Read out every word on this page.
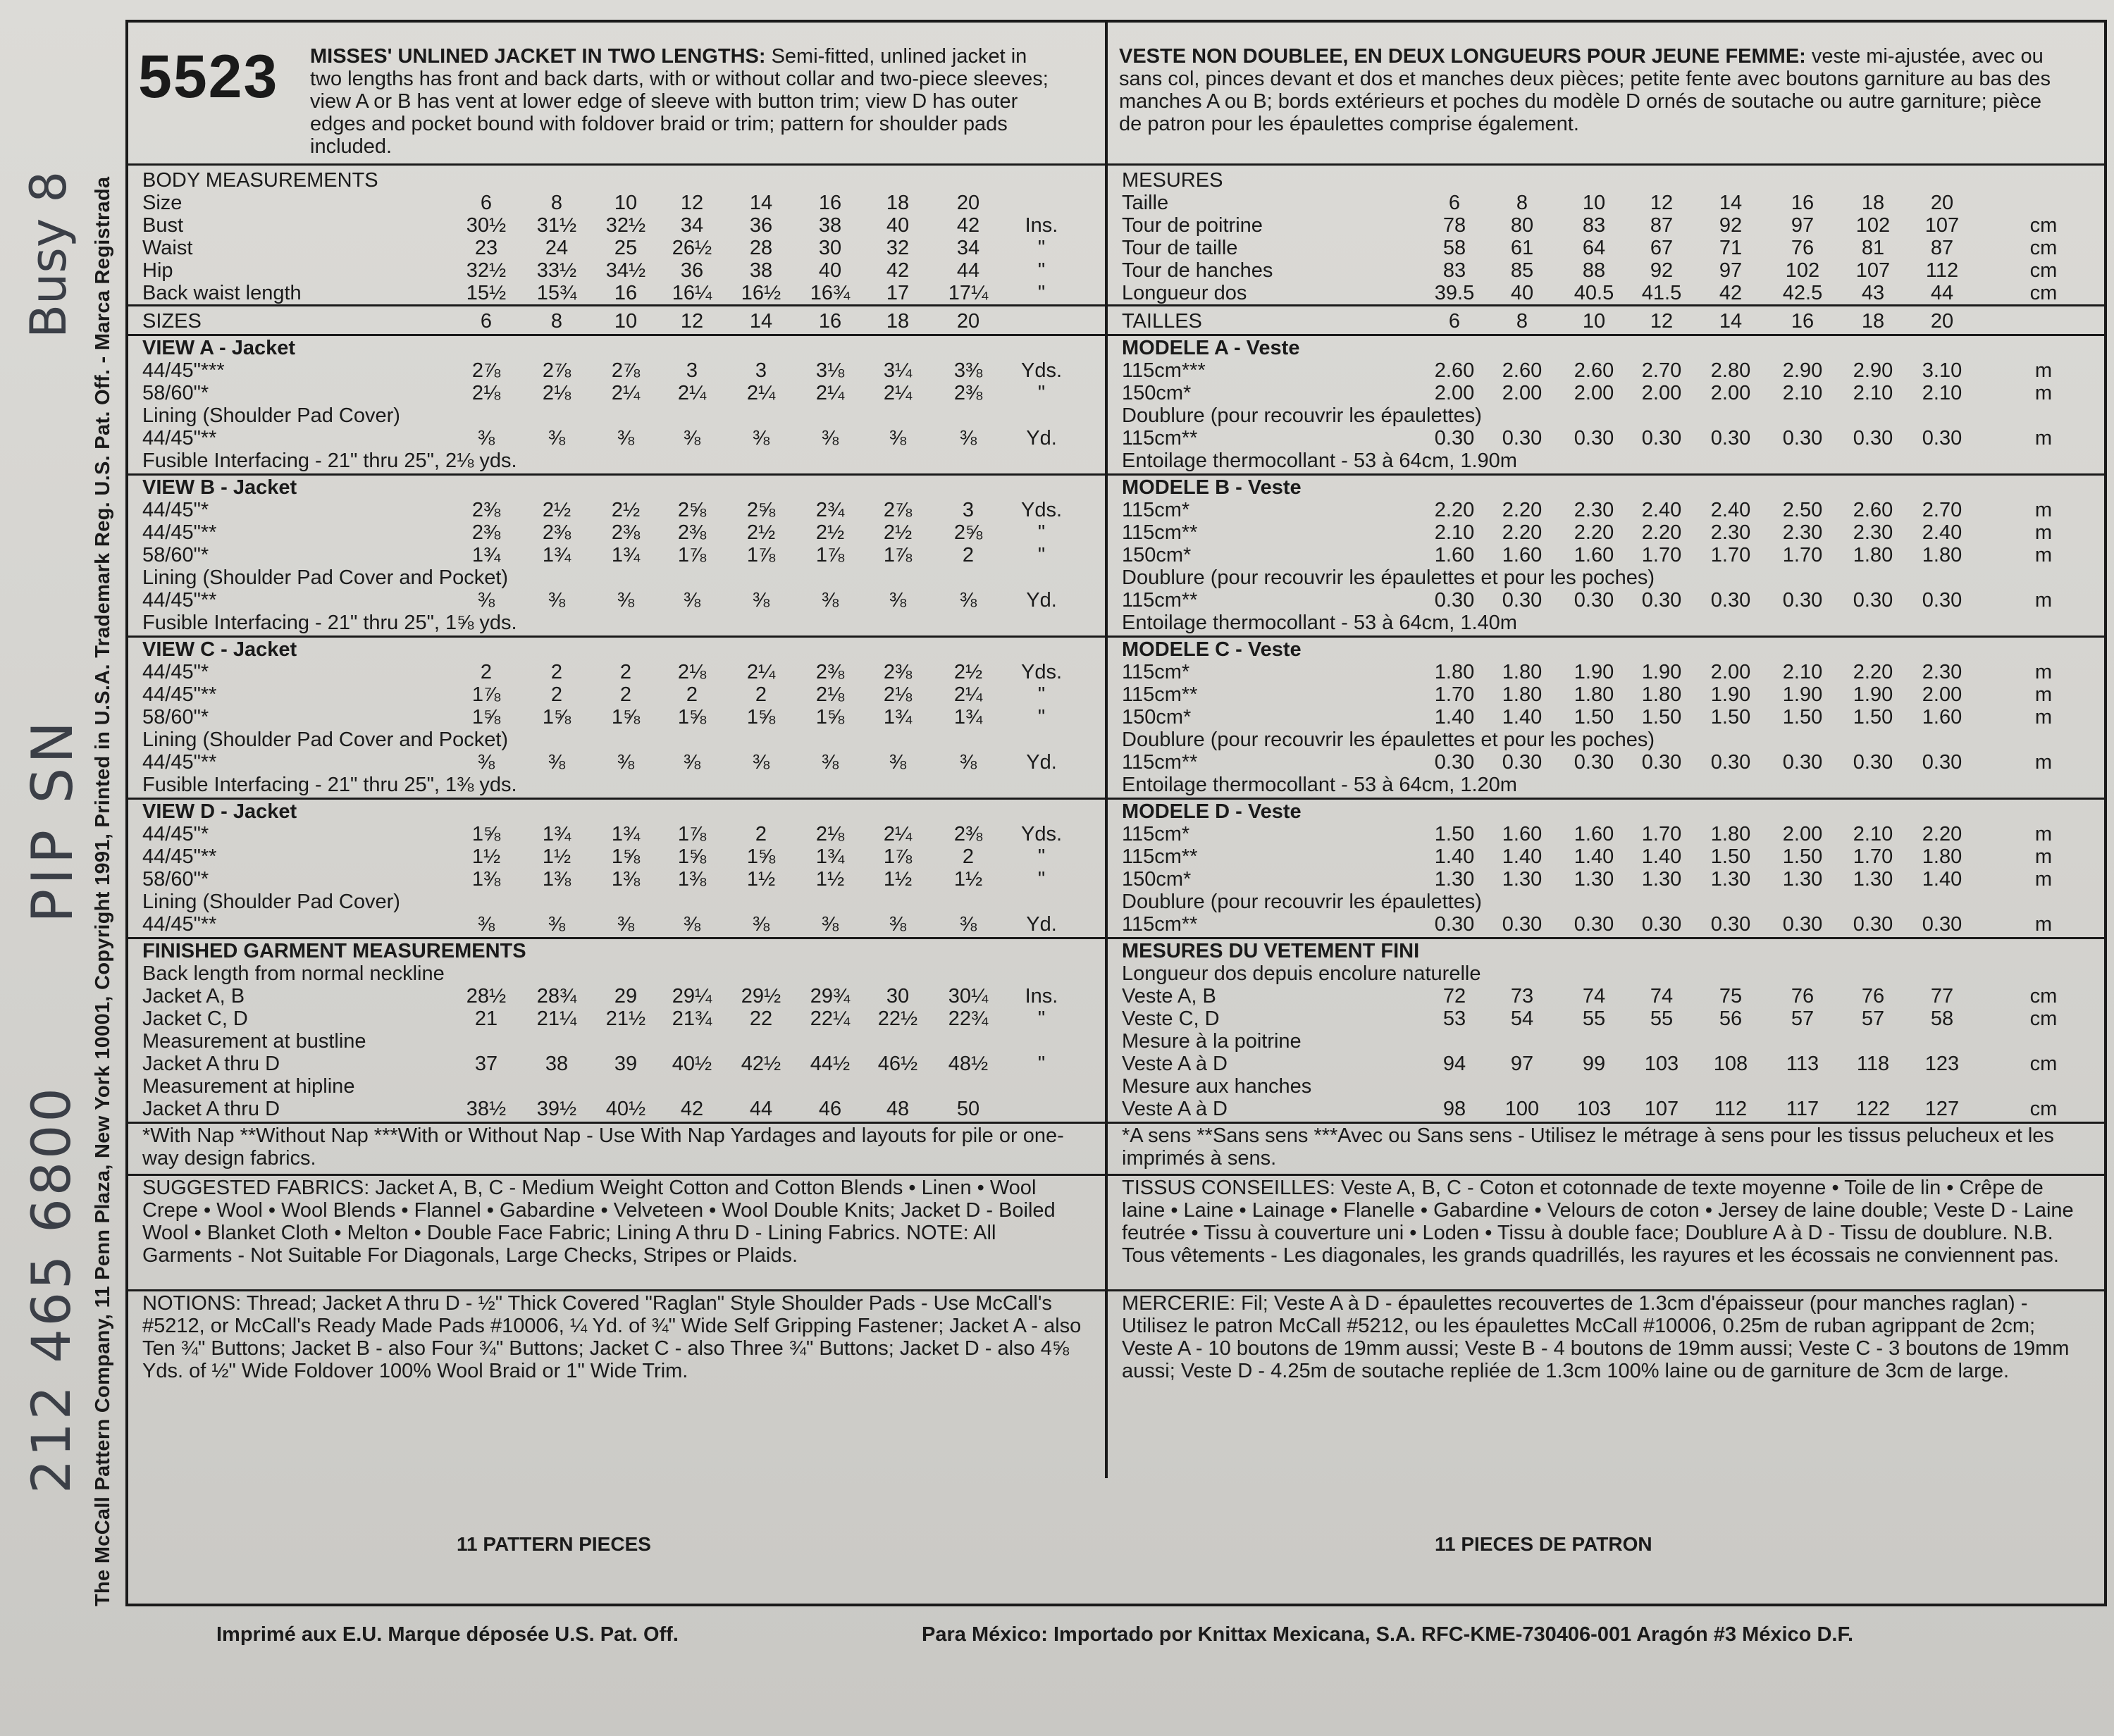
Busy 8
PIP SN
212 465 6800 The McCall Pattern Company, 11 Penn Plaza, New York 10001, Copyright 1991, Printed in U.S.A. Trademark Reg. U.S. Pat. Off. - Marca Registrada
5523 MISSES' UNLINED JACKET IN TWO LENGTHS: Semi-fitted, unlined jacket in two lengths has front and back darts, with or without collar and two-piece sleeves; view A or B has vent at lower edge of sleeve with button trim; view D has outer edges and pocket bound with foldover braid or trim; pattern for shoulder pads included.
VESTE NON DOUBLEE, EN DEUX LONGUEURS POUR JEUNE FEMME: veste mi-ajustée, avec ou sans col, pinces devant et dos et manches deux pièces; petite fente avec boutons garniture au bas des manches A ou B; bords extérieurs et poches du modèle D ornés de soutache ou autre garniture; pièce de patron pour les épaulettes comprise également.
Imprimé aux E.U. Marque déposée U.S. Pat. Off.	Para México: Importado por Knittax Mexicana, S.A. RFC-KME-730406-001 Aragón #3 México D.F.
BODY MEASUREMENTS
Size	6	8	10	12	14	16	18	20
Bust	30½	31½	32½	34	36	38	40	42	Ins.
Waist	23	24	25	26½	28	30	32	34	"
Hip	32½	33½	34½	36	38	40	42	44	"
Back waist length	15½	15¾	16	16¼	16½	16¾	17	17¼	"
SIZES	6	8	10	12	14	16	18	20
VIEW A - Jacket
44/45"***	2⅞	2⅞	2⅞	3	3	3⅛	3¼	3⅜	Yds.
58/60"*	2⅛	2⅛	2¼	2¼	2¼	2¼	2¼	2⅜	"
Lining (Shoulder Pad Cover)
44/45"**	⅜	⅜	⅜	⅜	⅜	⅜	⅜	⅜	Yd.
Fusible Interfacing - 21" thru 25", 2⅛ yds.
VIEW B - Jacket
44/45"*	2⅜	2½	2½	2⅝	2⅝	2¾	2⅞	3	Yds.
44/45"**	2⅜	2⅜	2⅜	2⅜	2½	2½	2½	2⅝	"
58/60"*	1¾	1¾	1¾	1⅞	1⅞	1⅞	1⅞	2	"
Lining (Shoulder Pad Cover and Pocket)
44/45"**	⅜	⅜	⅜	⅜	⅜	⅜	⅜	⅜	Yd.
Fusible Interfacing - 21" thru 25", 1⅝ yds.
VIEW C - Jacket
44/45"*	2	2	2	2⅛	2¼	2⅜	2⅜	2½	Yds.
44/45"**	1⅞	2	2	2	2	2⅛	2⅛	2¼	"
58/60"*	1⅝	1⅝	1⅝	1⅝	1⅝	1⅝	1¾	1¾	"
Lining (Shoulder Pad Cover and Pocket)
44/45"**	⅜	⅜	⅜	⅜	⅜	⅜	⅜	⅜	Yd.
Fusible Interfacing - 21" thru 25", 1⅜ yds.
VIEW D - Jacket
44/45"*	1⅝	1¾	1¾	1⅞	2	2⅛	2¼	2⅜	Yds.
44/45"**	1½	1½	1⅝	1⅝	1⅝	1¾	1⅞	2	"
58/60"*	1⅜	1⅜	1⅜	1⅜	1½	1½	1½	1½	"
Lining (Shoulder Pad Cover)
44/45"**	⅜	⅜	⅜	⅜	⅜	⅜	⅜	⅜	Yd.
FINISHED GARMENT MEASUREMENTS
Back length from normal neckline
Jacket A, B	28½	28¾	29	29¼	29½	29¾	30	30¼	Ins.
Jacket C, D	21	21¼	21½	21¾	22	22¼	22½	22¾	"
Measurement at bustline
Jacket A thru D	37	38	39	40½	42½	44½	46½	48½	"
Measurement at hipline
Jacket A thru D	38½	39½	40½	42	44	46	48	50
*With Nap **Without Nap ***With or Without Nap - Use With Nap Yardages and layouts for pile or one-way design fabrics.
SUGGESTED FABRICS: Jacket A, B, C - Medium Weight Cotton and Cotton Blends • Linen • Wool Crepe • Wool • Wool Blends • Flannel • Gabardine • Velveteen • Wool Double Knits; Jacket D - Boiled Wool • Blanket Cloth • Melton • Double Face Fabric; Lining A thru D - Lining Fabrics. NOTE: All Garments - Not Suitable For Diagonals, Large Checks, Stripes or Plaids.
NOTIONS: Thread; Jacket A thru D - ½" Thick Covered "Raglan" Style Shoulder Pads - Use McCall's #5212, or McCall's Ready Made Pads #10006, ¼ Yd. of ¾" Wide Self Gripping Fastener; Jacket A - also Ten ¾" Buttons; Jacket B - also Four ¾" Buttons; Jacket C - also Three ¾" Buttons; Jacket D - also 4⅝ Yds. of ½" Wide Foldover 100% Wool Braid or 1" Wide Trim.
11 PATTERN PIECES
MESURES
Taille	6	8	10	12	14	16	18	20
Tour de poitrine	78	80	83	87	92	97	102	107	cm
Tour de taille	58	61	64	67	71	76	81	87	cm
Tour de hanches	83	85	88	92	97	102	107	112	cm
Longueur dos	39.5	40	40.5	41.5	42	42.5	43	44	cm
TAILLES	6	8	10	12	14	16	18	20
MODELE A - Veste
115cm***	2.60	2.60	2.60	2.70	2.80	2.90	2.90	3.10	m
150cm*	2.00	2.00	2.00	2.00	2.00	2.10	2.10	2.10	m
Doublure (pour recouvrir les épaulettes)
115cm**	0.30	0.30	0.30	0.30	0.30	0.30	0.30	0.30	m
Entoilage thermocollant - 53 à 64cm, 1.90m
MODELE B - Veste
115cm*	2.20	2.20	2.30	2.40	2.40	2.50	2.60	2.70	m
115cm**	2.10	2.20	2.20	2.20	2.30	2.30	2.30	2.40	m
150cm*	1.60	1.60	1.60	1.70	1.70	1.70	1.80	1.80	m
Doublure (pour recouvrir les épaulettes et pour les poches)
115cm**	0.30	0.30	0.30	0.30	0.30	0.30	0.30	0.30	m
Entoilage thermocollant - 53 à 64cm, 1.40m
MODELE C - Veste
115cm*	1.80	1.80	1.90	1.90	2.00	2.10	2.20	2.30	m
115cm**	1.70	1.80	1.80	1.80	1.90	1.90	1.90	2.00	m
150cm*	1.40	1.40	1.50	1.50	1.50	1.50	1.50	1.60	m
Doublure (pour recouvrir les épaulettes et pour les poches)
115cm**	0.30	0.30	0.30	0.30	0.30	0.30	0.30	0.30	m
Entoilage thermocollant - 53 à 64cm, 1.20m
MODELE D - Veste
115cm*	1.50	1.60	1.60	1.70	1.80	2.00	2.10	2.20	m
115cm**	1.40	1.40	1.40	1.40	1.50	1.50	1.70	1.80	m
150cm*	1.30	1.30	1.30	1.30	1.30	1.30	1.30	1.40	m
Doublure (pour recouvrir les épaulettes)
115cm**	0.30	0.30	0.30	0.30	0.30	0.30	0.30	0.30	m
MESURES DU VETEMENT FINI
Longueur dos depuis encolure naturelle
Veste A, B	72	73	74	74	75	76	76	77	cm
Veste C, D	53	54	55	55	56	57	57	58	cm
Mesure à la poitrine
Veste A à D	94	97	99	103	108	113	118	123	cm
Mesure aux hanches
Veste A à D	98	100	103	107	112	117	122	127	cm
*A sens **Sans sens ***Avec ou Sans sens - Utilisez le métrage à sens pour les tissus pelucheux et les imprimés à sens.
TISSUS CONSEILLES: Veste A, B, C - Coton et cotonnade de texte moyenne • Toile de lin • Crêpe de laine • Laine • Lainage • Flanelle • Gabardine • Velours de coton • Jersey de laine double; Veste D - Laine feutrée • Tissu à couverture uni • Loden • Tissu à double face; Doublure A à D - Tissu de doublure. N.B. Tous vêtements - Les diagonales, les grands quadrillés, les rayures et les écossais ne conviennent pas.
MERCERIE: Fil; Veste A à D - épaulettes recouvertes de 1.3cm d'épaisseur (pour manches raglan) - Utilisez le patron McCall #5212, ou les épaulettes McCall #10006, 0.25m de ruban agrippant de 2cm; Veste A - 10 boutons de 19mm aussi; Veste B - 4 boutons de 19mm aussi; Veste C - 3 boutons de 19mm aussi; Veste D - 4.25m de soutache repliée de 1.3cm 100% laine ou de garniture de 3cm de large.
11 PIECES DE PATRON
